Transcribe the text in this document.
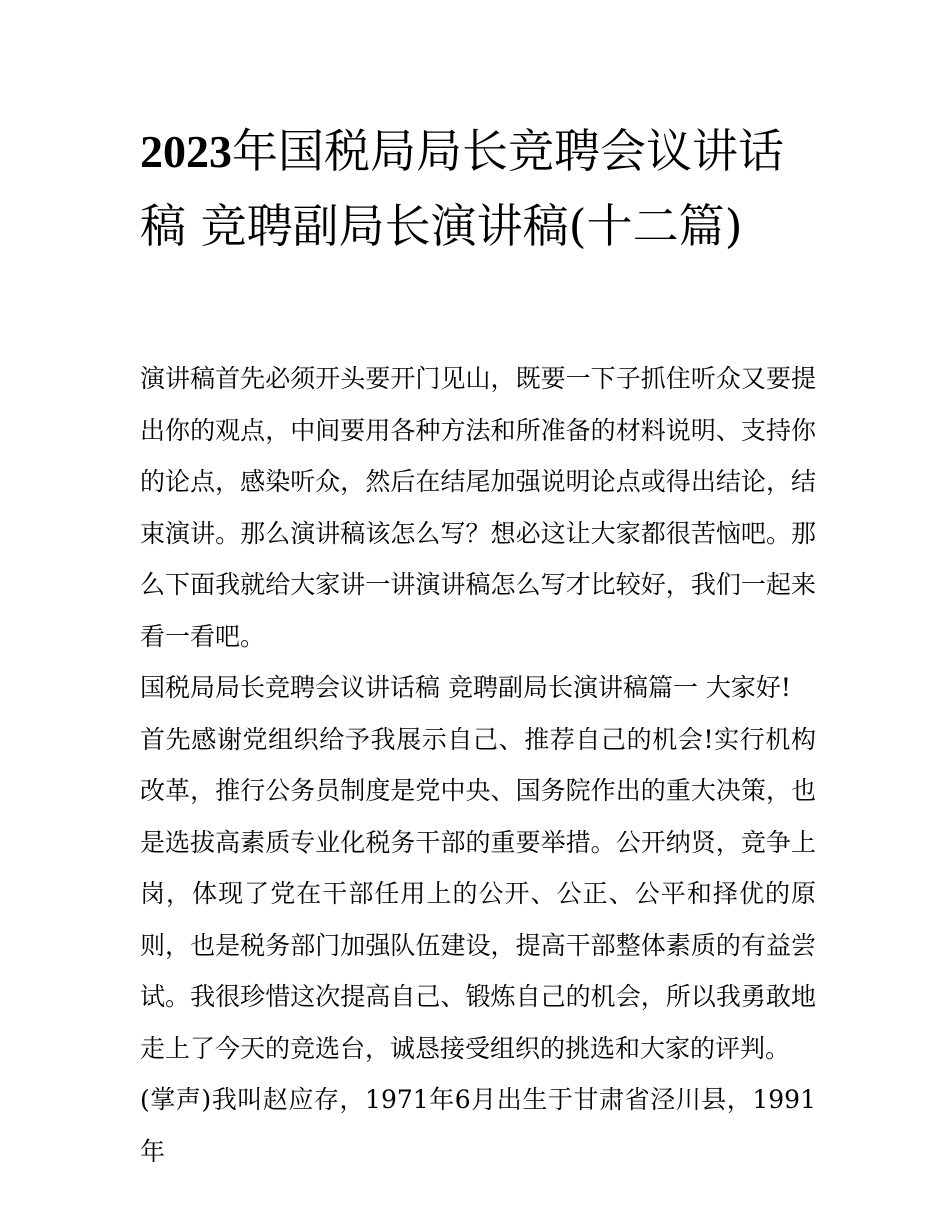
2023年国税局局长竞聘会议讲话稿 竞聘副局长演讲稿(十二篇)

演讲稿首先必须开头要开门见山，既要一下子抓住听众又要提出你的观点，中间要用各种方法和所准备的材料说明、支持你的论点，感染听众，然后在结尾加强说明论点或得出结论，结束演讲。那么演讲稿该怎么写？想必这让大家都很苦恼吧。那么下面我就给大家讲一讲演讲稿怎么写才比较好，我们一起来看一看吧。

国税局局长竞聘会议讲话稿 竞聘副局长演讲稿篇一 大家好!

首先感谢党组织给予我展示自己、推荐自己的机会!实行机构改革，推行公务员制度是党中央、国务院作出的重大决策，也是选拔高素质专业化税务干部的重要举措。公开纳贤，竞争上岗，体现了党在干部任用上的公开、公正、公平和择优的原则，也是税务部门加强队伍建设，提高干部整体素质的有益尝试。我很珍惜这次提高自己、锻炼自己的机会，所以我勇敢地走上了今天的竞选台，诚恳接受组织的挑选和大家的评判。

(掌声)我叫赵应存，1971年6月出生于甘肃省泾川县，1991年
